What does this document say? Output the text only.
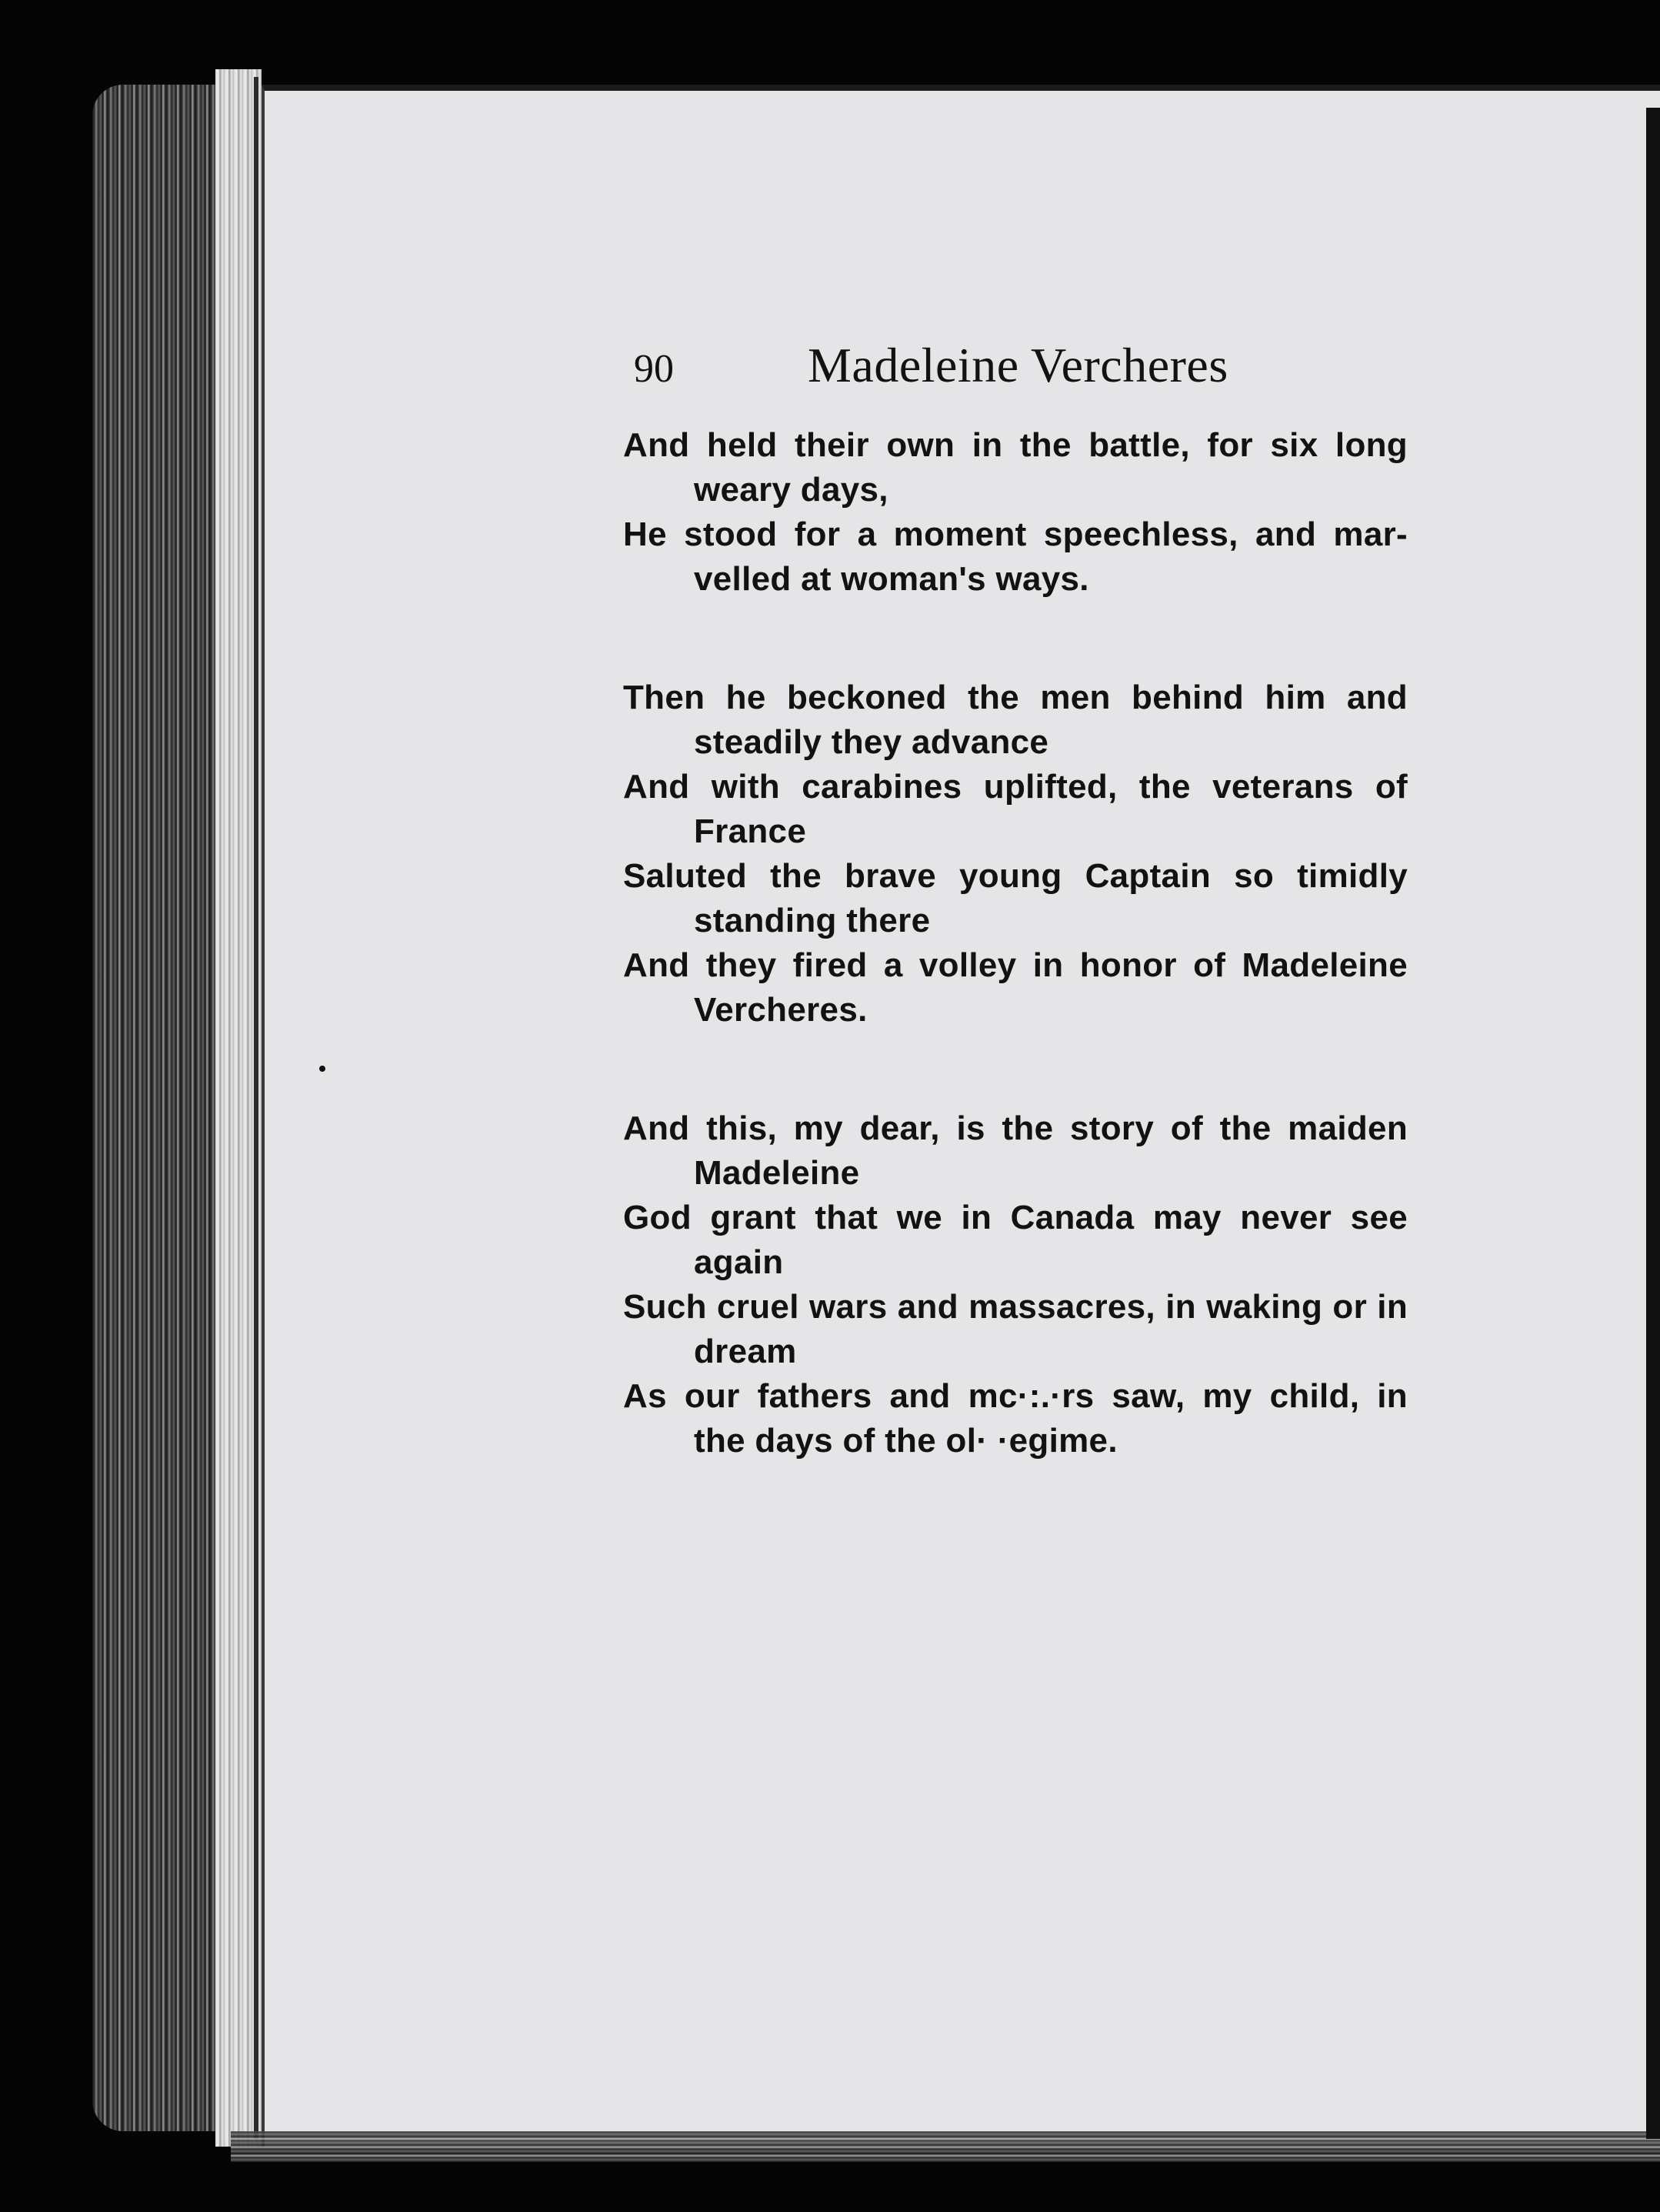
90	Madeleine Vercheres
And held their own in the battle, for six long
weary days,
He stood for a moment speechless, and mar-
velled at woman's ways.
Then he beckoned the men behind him and
steadily they advance
And with carabines uplifted, the veterans of
France
Saluted the brave young Captain so timidly
standing there
And they fired a volley in honor of Madeleine
Vercheres.
And this, my dear, is the story of the maiden
Madeleine
God grant that we in Canada may never see
again
Such cruel wars and massacres, in waking or in
dream
As our fathers and mc·:.·rs saw, my child, in
the days of the ol· ·egime.
